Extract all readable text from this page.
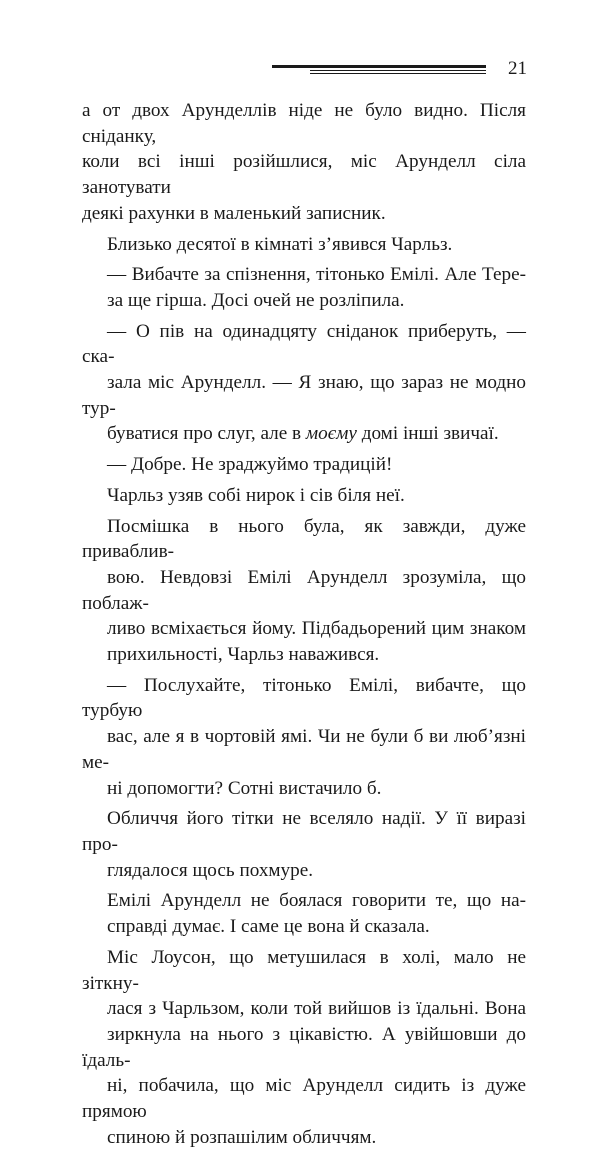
21

а от двох Арунделлів ніде не було видно. Після сніданку,
коли всі інші розійшлися, міс Арунделл сіла занотувати
деякі рахунки в маленький записник.

Близько десятої в кімнаті з’явився Чарльз.

— Вибачте за спізнення, тітонько Емілі. Але Тере-
за ще гірша. Досі очей не розліпила.

— О пів на одинадцяту сніданок приберуть, — ска-
зала міс Арунделл. — Я знаю, що зараз не модно тур-
буватися про слуг, але в моєму домі інші звичаї.

— Добре. Не зраджуймо традицій!

Чарльз узяв собі нирок і сів біля неї.

Посмішка в нього була, як завжди, дуже приваблив-
вою. Невдовзі Емілі Арунделл зрозуміла, що поблаж-
ливо всміхається йому. Підбадьорений цим знаком
прихильності, Чарльз наважився.

— Послухайте, тітонько Емілі, вибачте, що турбую
вас, але я в чортовій ямі. Чи не були б ви люб’язні ме-
ні допомогти? Сотні вистачило б.

Обличчя його тітки не вселяло надії. У її виразі про-
глядалося щось похмуре.

Емілі Арунделл не боялася говорити те, що на-
справді думає. І саме це вона й сказала.

Міс Лоусон, що метушилася в холі, мало не зіткну-
лася з Чарльзом, коли той вийшов із їдальні. Вона
зиркнула на нього з цікавістю. А увійшовши до їдаль-
ні, побачила, що міс Арунделл сидить із дуже прямою
спиною й розпашілим обличчям.
